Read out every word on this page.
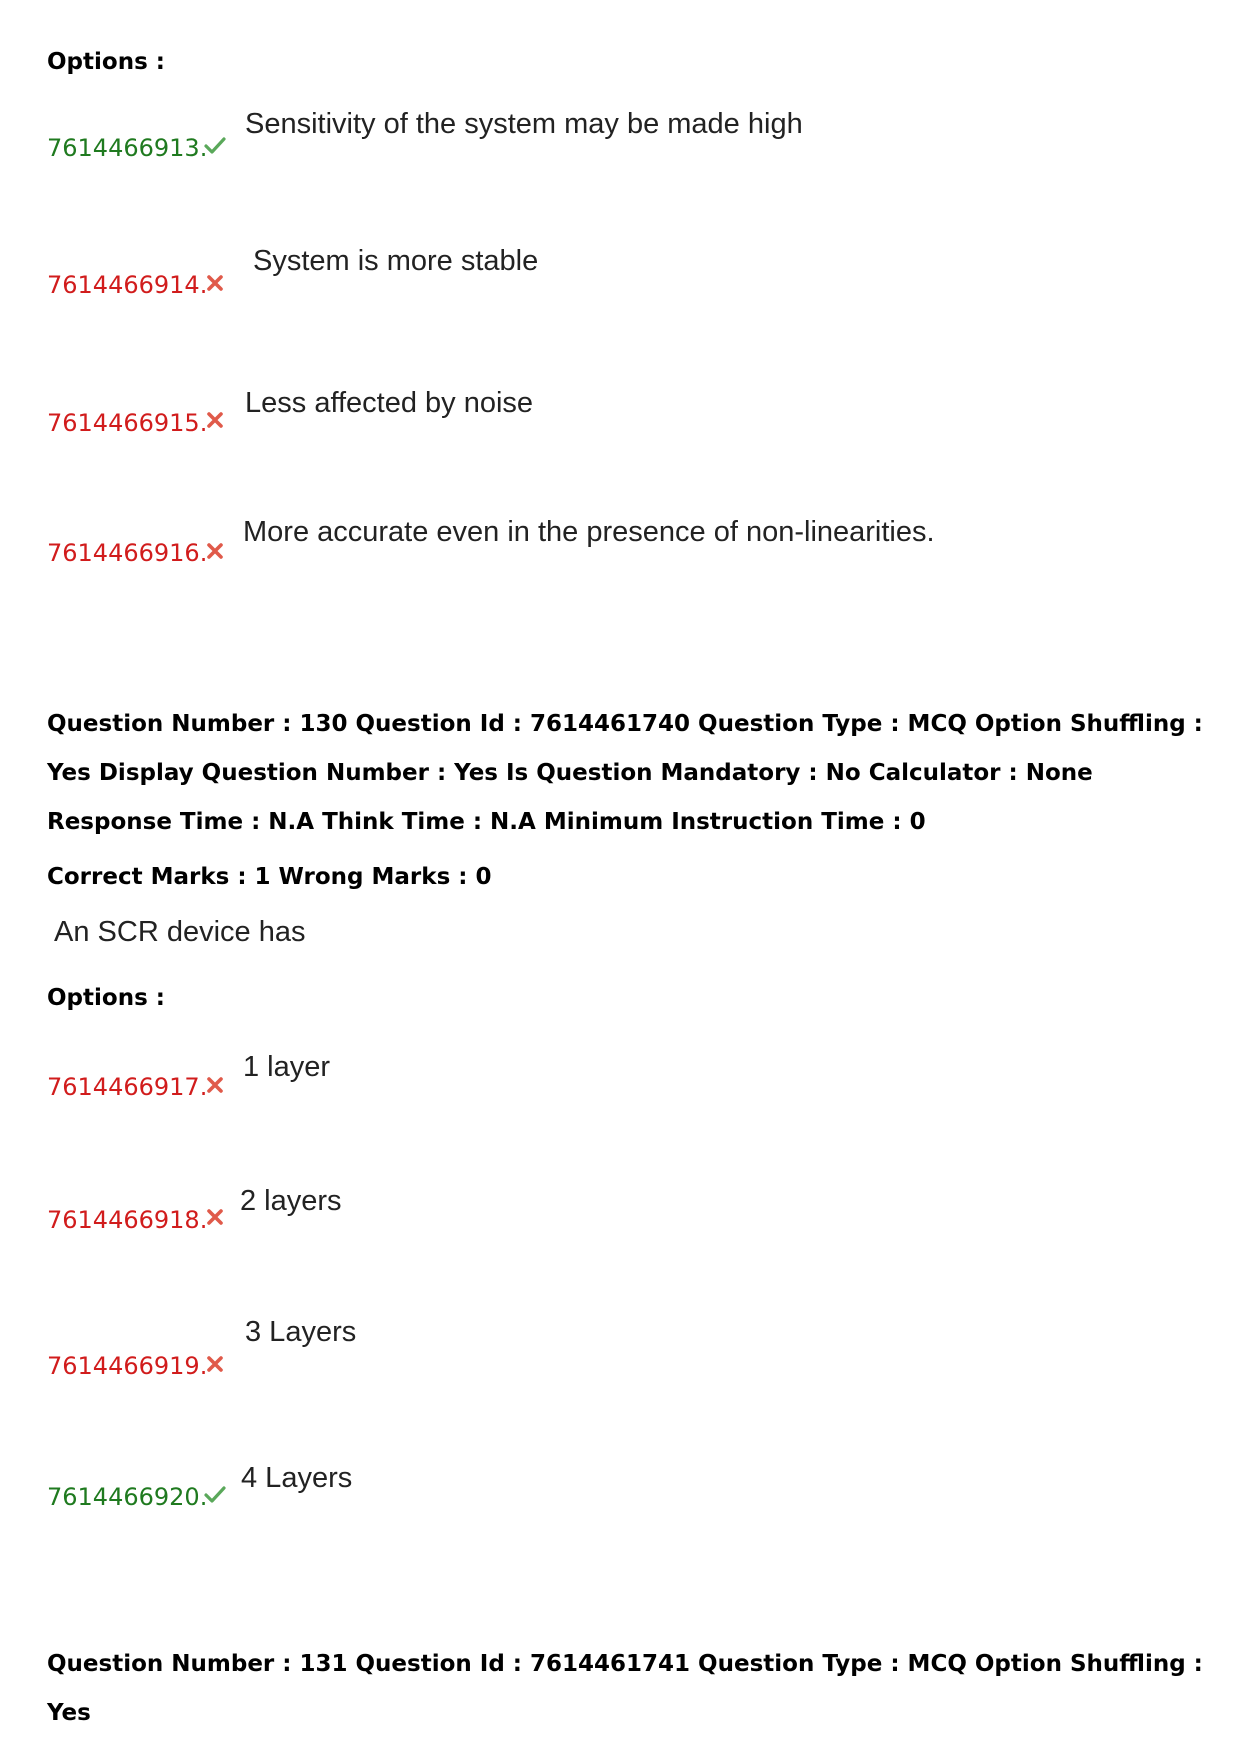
Options :
7614466913.
Sensitivity of the system may be made high
7614466914.
System is more stable
7614466915.
Less affected by noise
7614466916.
More accurate even in the presence of non-linearities.
Question Number : 130 Question Id : 7614461740 Question Type : MCQ Option Shuffling : Yes Display Question Number : Yes Is Question Mandatory : No Calculator : None Response Time : N.A Think Time : N.A Minimum Instruction Time : 0
Correct Marks : 1 Wrong Marks : 0
An SCR device has
Options :
7614466917.
1 layer
7614466918.
2 layers
7614466919.
3 Layers
7614466920.
4 Layers
Question Number : 131 Question Id : 7614461741 Question Type : MCQ Option Shuffling : Yes
